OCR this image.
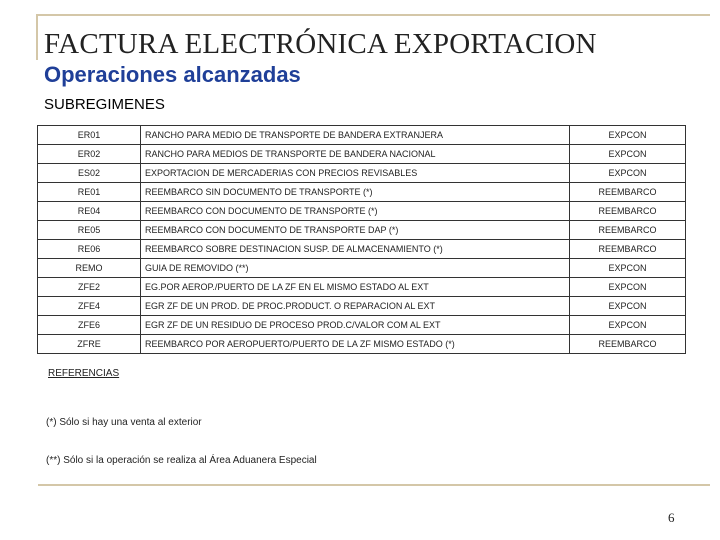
FACTURA ELECTRÓNICA EXPORTACION
Operaciones alcanzadas
SUBREGIMENES
ER01	RANCHO PARA MEDIO DE TRANSPORTE DE BANDERA EXTRANJERA	EXPCON
ER02	RANCHO PARA MEDIOS DE TRANSPORTE DE BANDERA NACIONAL	EXPCON
ES02	EXPORTACION DE MERCADERIAS CON PRECIOS REVISABLES	EXPCON
RE01	REEMBARCO SIN DOCUMENTO DE TRANSPORTE (*)	REEMBARCO
RE04	REEMBARCO CON DOCUMENTO DE TRANSPORTE (*)	REEMBARCO
RE05	REEMBARCO CON DOCUMENTO DE TRANSPORTE DAP (*)	REEMBARCO
RE06	REEMBARCO SOBRE DESTINACION SUSP. DE ALMACENAMIENTO (*)	REEMBARCO
REMO	GUIA DE REMOVIDO (**)	EXPCON
ZFE2	EG.POR AEROP./PUERTO DE LA ZF EN EL MISMO ESTADO AL EXT	EXPCON
ZFE4	EGR ZF DE UN PROD. DE PROC.PRODUCT. O REPARACION AL EXT	EXPCON
ZFE6	EGR ZF DE UN RESIDUO DE PROCESO PROD.C/VALOR COM AL EXT	EXPCON
ZFRE	REEMBARCO POR AEROPUERTO/PUERTO DE LA ZF MISMO ESTADO (*)	REEMBARCO
REFERENCIAS
(*) Sólo si hay una venta al exterior
(**) Sólo si la operación se realiza al Área Aduanera Especial
6
